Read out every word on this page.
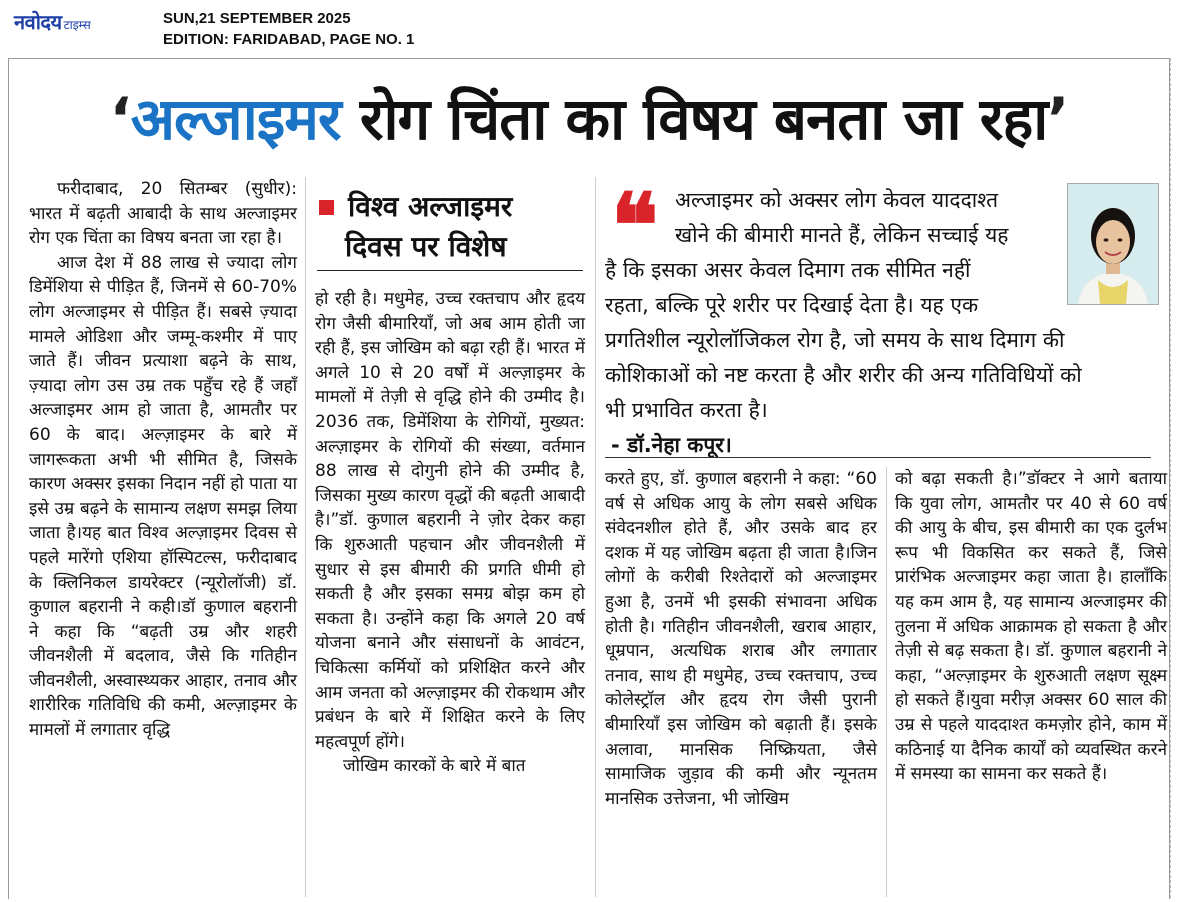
नवोदय टाइम्स	SUN,21 SEPTEMBER 2025
EDITION: FARIDABAD, PAGE NO. 1
‘अल्जाइमर रोग चिंता का विषय बनता जा रहा’

फरीदाबाद, 20 सितम्बर (सुधीर): भारत में बढ़ती आबादी के साथ अल्जाइमर रोग एक चिंता का विषय बनता जा रहा है।

आज देश में 88 लाख से ज्यादा लोग डिमेंशिया से पीड़ित हैं, जिनमें से 60-70% लोग अल्जाइमर से पीड़ित हैं। सबसे ज़्यादा मामले ओडिशा और जम्मू-कश्मीर में पाए जाते हैं। जीवन प्रत्याशा बढ़ने के साथ, ज़्यादा लोग उस उम्र तक पहुँच रहे हैं जहाँ अल्जाइमर आम हो जाता है, आमतौर पर 60 के बाद। अल्ज़ाइमर के बारे में जागरूकता अभी भी सीमित है, जिसके कारण अक्सर इसका निदान नहीं हो पाता या इसे उम्र बढ़ने के सामान्य लक्षण समझ लिया जाता है।यह बात विश्व अल्ज़ाइमर दिवस से पहले मारेंगो एशिया हॉस्पिटल्स, फरीदाबाद के क्लिनिकल डायरेक्टर (न्यूरोलॉजी) डॉ. कुणाल बहरानी ने कही।डॉ कुणाल बहरानी ने कहा कि “बढ़ती उम्र और शहरी जीवनशैली में बदलाव, जैसे कि गतिहीन जीवनशैली, अस्वास्थ्यकर आहार, तनाव और शारीरिक गतिविधि की कमी, अल्ज़ाइमर के मामलों में लगातार वृद्धि

विश्व अल्जाइमर
दिवस पर विशेष

हो रही है। मधुमेह, उच्च रक्तचाप और हृदय रोग जैसी बीमारियाँ, जो अब आम होती जा रही हैं, इस जोखिम को बढ़ा रही हैं। भारत में अगले 10 से 20 वर्षों में अल्ज़ाइमर के मामलों में तेज़ी से वृद्धि होने की उम्मीद है। 2036 तक, डिमेंशिया के रोगियों, मुख्यत: अल्ज़ाइमर के रोगियों की संख्या, वर्तमान 88 लाख से दोगुनी होने की उम्मीद है, जिसका मुख्य कारण वृद्धों की बढ़ती आबादी है।”डॉ. कुणाल बहरानी ने ज़ोर देकर कहा कि शुरुआती पहचान और जीवनशैली में सुधार से इस बीमारी की प्रगति धीमी हो सकती है और इसका समग्र बोझ कम हो सकता है। उन्होंने कहा कि अगले 20 वर्ष योजना बनाने और संसाधनों के आवंटन, चिकित्सा कर्मियों को प्रशिक्षित करने और आम जनता को अल्ज़ाइमर की रोकथाम और प्रबंधन के बारे में शिक्षित करने के लिए महत्वपूर्ण होंगे।

जोखिम कारकों के बारे में बात

❝ अल्जाइमर को अक्सर लोग केवल याददाश्त
खोने की बीमारी मानते हैं, लेकिन सच्चाई यह
है कि इसका असर केवल दिमाग तक सीमित नहीं
रहता, बल्कि पूरे शरीर पर दिखाई देता है। यह एक
प्रगतिशील न्यूरोलॉजिकल रोग है, जो समय के साथ दिमाग की
कोशिकाओं को नष्ट करता है और शरीर की अन्य गतिविधियों को
भी प्रभावित करता है।
- डॉ.नेहा कपूर।

करते हुए, डॉ. कुणाल बहरानी ने कहा: “60 वर्ष से अधिक आयु के लोग सबसे अधिक संवेदनशील होते हैं, और उसके बाद हर दशक में यह जोखिम बढ़ता ही जाता है।जिन लोगों के करीबी रिश्तेदारों को अल्जाइमर हुआ है, उनमें भी इसकी संभावना अधिक होती है। गतिहीन जीवनशैली, खराब आहार, धूम्रपान, अत्यधिक शराब और लगातार तनाव, साथ ही मधुमेह, उच्च रक्तचाप, उच्च कोलेस्ट्रॉल और हृदय रोग जैसी पुरानी बीमारियाँ इस जोखिम को बढ़ाती हैं। इसके अलावा, मानसिक निष्क्रियता, जैसे सामाजिक जुड़ाव की कमी और न्यूनतम मानसिक उत्तेजना, भी जोखिम

को बढ़ा सकती है।”डॉक्टर ने आगे बताया कि युवा लोग, आमतौर पर 40 से 60 वर्ष की आयु के बीच, इस बीमारी का एक दुर्लभ रूप भी विकसित कर सकते हैं, जिसे प्रारंभिक अल्जाइमर कहा जाता है। हालाँकि यह कम आम है, यह सामान्य अल्जाइमर की तुलना में अधिक आक्रामक हो सकता है और तेज़ी से बढ़ सकता है। डॉ. कुणाल बहरानी ने कहा, “अल्ज़ाइमर के शुरुआती लक्षण सूक्ष्म हो सकते हैं।युवा मरीज़ अक्सर 60 साल की उम्र से पहले याददाश्त कमज़ोर होने, काम में कठिनाई या दैनिक कार्यों को व्यवस्थित करने में समस्या का सामना कर सकते हैं।
